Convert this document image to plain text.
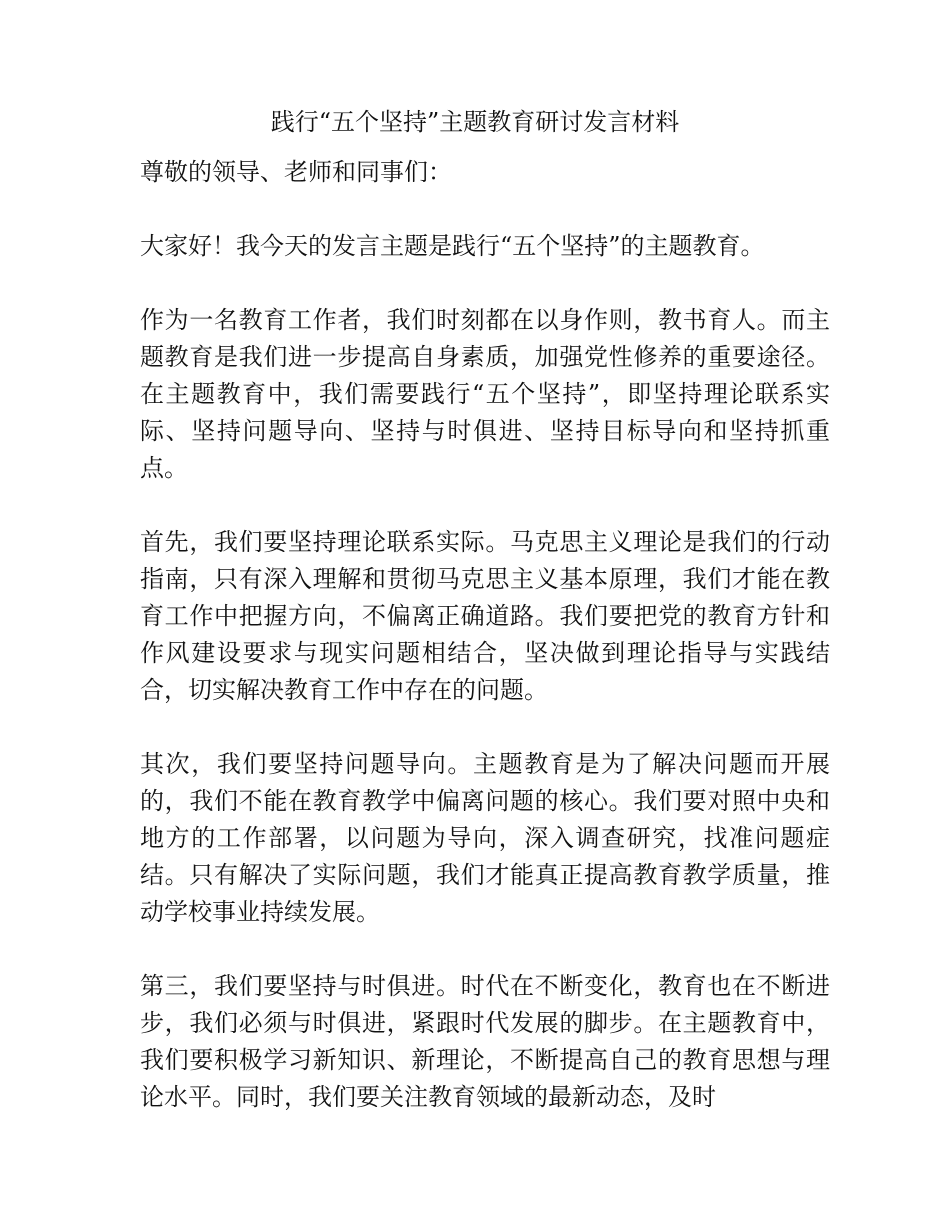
践行“五个坚持”主题教育研讨发言材料
尊敬的领导、老师和同事们：

大家好！我今天的发言主题是践行“五个坚持”的主题教育。

作为一名教育工作者，我们时刻都在以身作则，教书育人。而主题教育是我们进一步提高自身素质，加强党性修养的重要途径。在主题教育中，我们需要践行“五个坚持”，即坚持理论联系实际、坚持问题导向、坚持与时俱进、坚持目标导向和坚持抓重点。

首先，我们要坚持理论联系实际。马克思主义理论是我们的行动指南，只有深入理解和贯彻马克思主义基本原理，我们才能在教育工作中把握方向，不偏离正确道路。我们要把党的教育方针和作风建设要求与现实问题相结合，坚决做到理论指导与实践结合，切实解决教育工作中存在的问题。

其次，我们要坚持问题导向。主题教育是为了解决问题而开展的，我们不能在教育教学中偏离问题的核心。我们要对照中央和地方的工作部署，以问题为导向，深入调查研究，找准问题症结。只有解决了实际问题，我们才能真正提高教育教学质量，推动学校事业持续发展。

第三，我们要坚持与时俱进。时代在不断变化，教育也在不断进步，我们必须与时俱进，紧跟时代发展的脚步。在主题教育中，我们要积极学习新知识、新理论，不断提高自己的教育思想与理论水平。同时，我们要关注教育领域的最新动态，及时
